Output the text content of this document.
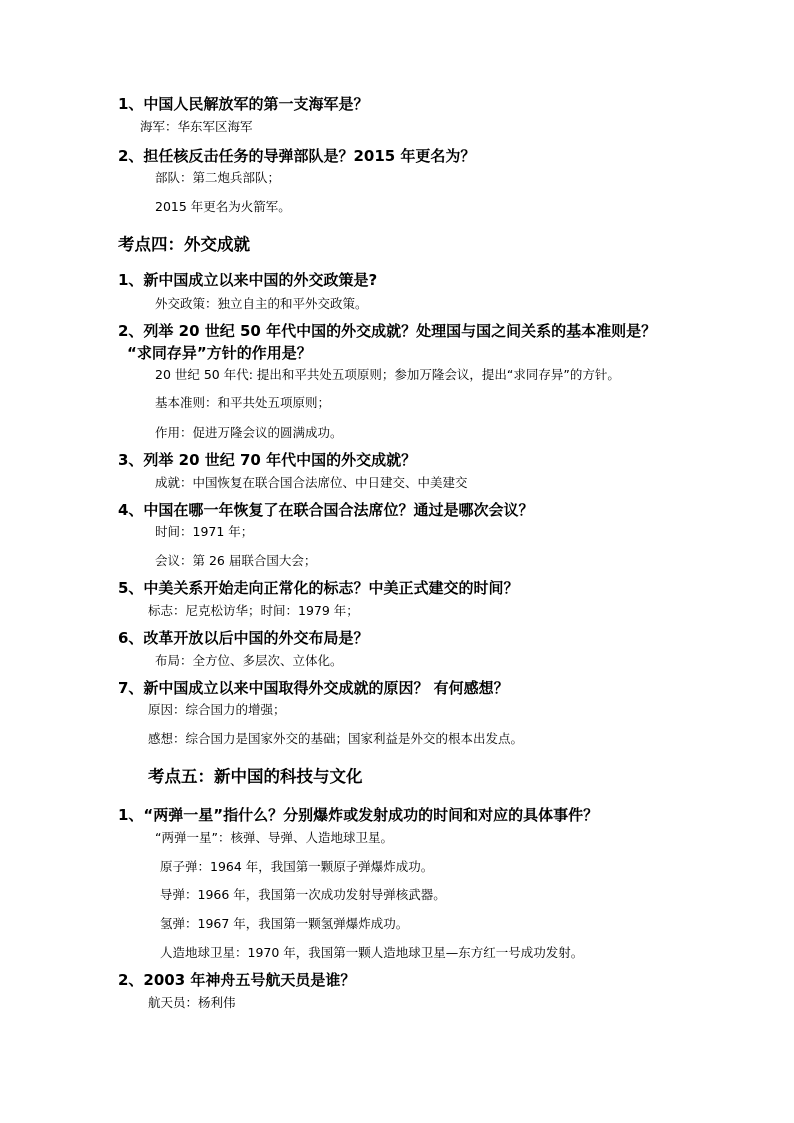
1、中国人民解放军的第一支海军是？
海军：华东军区海军
2、担任核反击任务的导弹部队是？2015 年更名为？
部队：第二炮兵部队；
2015 年更名为火箭军。
考点四：外交成就
1、新中国成立以来中国的外交政策是?
外交政策：独立自主的和平外交政策。
2、列举 20 世纪 50 年代中国的外交成就？处理国与国之间关系的基本准则是？
“求同存异”方针的作用是？
20 世纪 50 年代: 提出和平共处五项原则；参加万隆会议，提出“求同存异”的方针。
基本准则：和平共处五项原则；
作用：促进万隆会议的圆满成功。
3、列举 20 世纪 70 年代中国的外交成就？
成就：中国恢复在联合国合法席位、中日建交、中美建交
4、中国在哪一年恢复了在联合国合法席位？通过是哪次会议？
时间：1971 年；
会议：第 26 届联合国大会；
5、中美关系开始走向正常化的标志？中美正式建交的时间？
标志：尼克松访华；时间：1979 年；
6、改革开放以后中国的外交布局是？
布局：全方位、多层次、立体化。
7、新中国成立以来中国取得外交成就的原因？ 有何感想？
原因：综合国力的增强；
感想：综合国力是国家外交的基础；国家利益是外交的根本出发点。
考点五：新中国的科技与文化
1、“两弹一星”指什么？分别爆炸或发射成功的时间和对应的具体事件？
“两弹一星”：核弹、导弹、人造地球卫星。
原子弹：1964 年，我国第一颗原子弹爆炸成功。
导弹：1966 年，我国第一次成功发射导弹核武器。
氢弹：1967 年，我国第一颗氢弹爆炸成功。
人造地球卫星：1970 年，我国第一颗人造地球卫星—东方红一号成功发射。
2、2003 年神舟五号航天员是谁？
航天员：杨利伟
